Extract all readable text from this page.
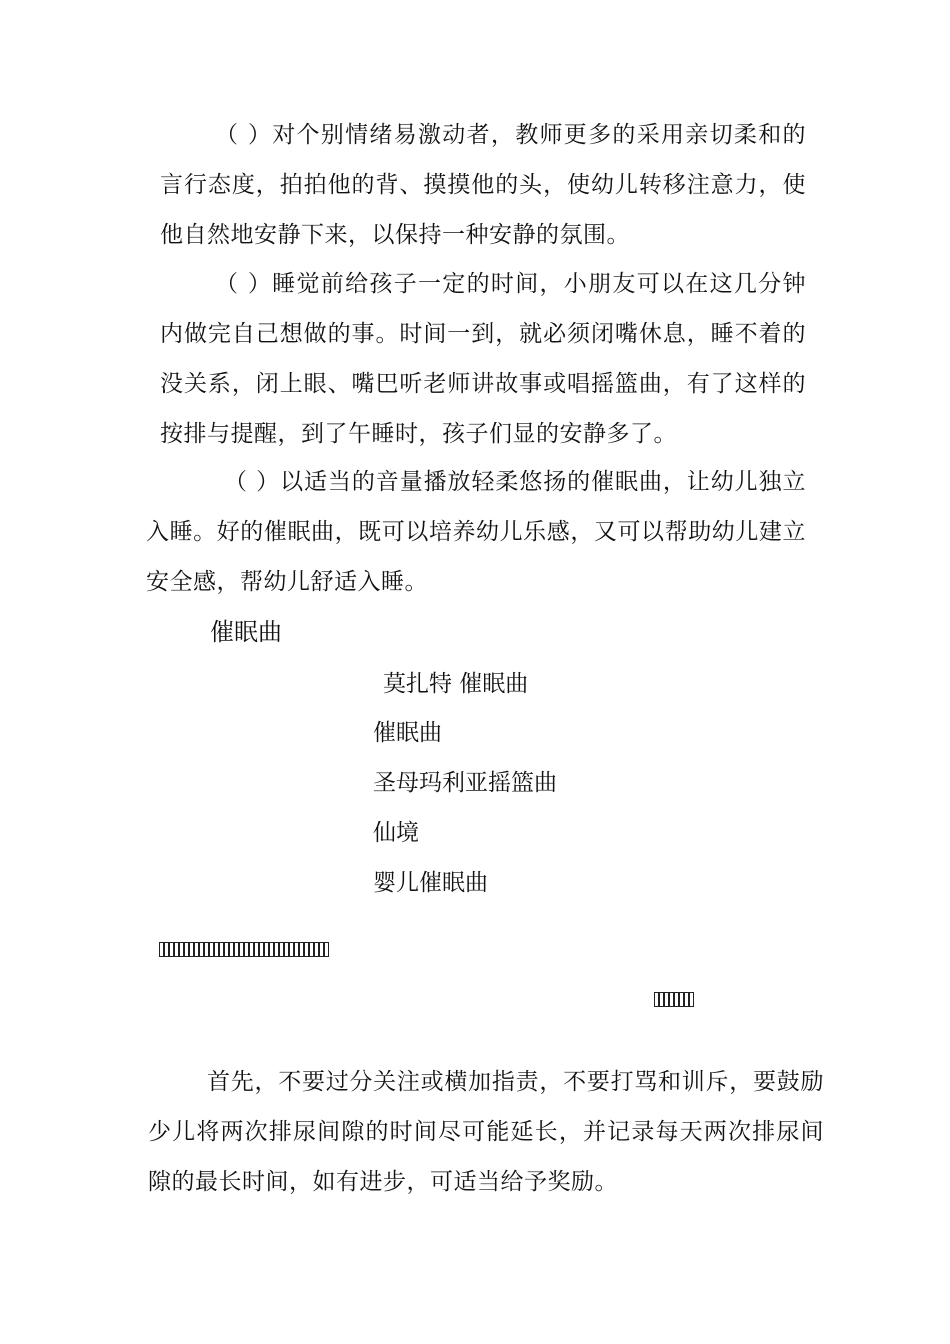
（ ）对个别情绪易激动者，教师更多的采用亲切柔和的言行态度，拍拍他的背、摸摸他的头，使幼儿转移注意力，使他自然地安静下来，以保持一种安静的氛围。

（ ）睡觉前给孩子一定的时间，小朋友可以在这几分钟内做完自己想做的事。时间一到，就必须闭嘴休息，睡不着的没关系，闭上眼、嘴巴听老师讲故事或唱摇篮曲，有了这样的按排与提醒，到了午睡时，孩子们显的安静多了。

（ ）以适当的音量播放轻柔悠扬的催眠曲，让幼儿独立入睡。好的催眠曲，既可以培养幼儿乐感，又可以帮助幼儿建立安全感，帮幼儿舒适入睡。

催眠曲
莫扎特 催眠曲
催眠曲
圣母玛利亚摇篮曲
仙境
婴儿催眠曲

首先，不要过分关注或横加指责，不要打骂和训斥，要鼓励少儿将两次排尿间隙的时间尽可能延长，并记录每天两次排尿间隙的最长时间，如有进步，可适当给予奖励。
